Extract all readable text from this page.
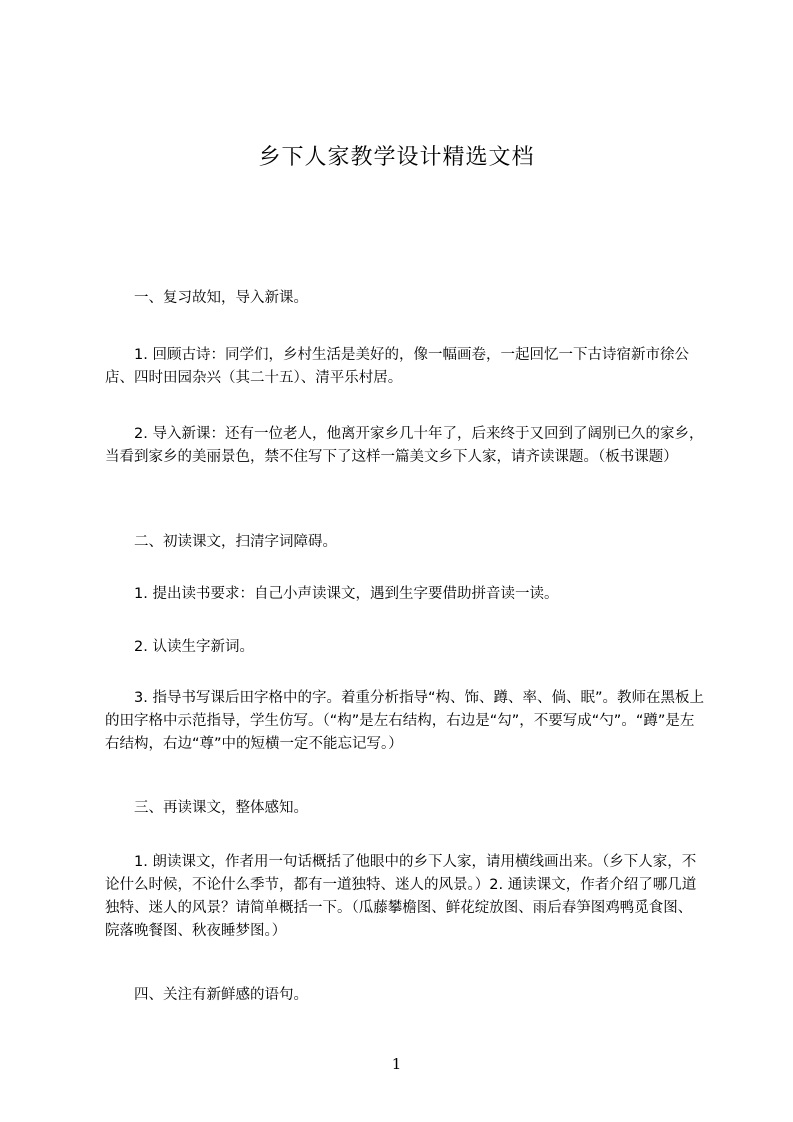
乡下人家教学设计精选文档

一、复习故知，导入新课。

1. 回顾古诗：同学们，乡村生活是美好的，像一幅画卷，一起回忆一下古诗宿新市徐公店、四时田园杂兴（其二十五）、清平乐村居。

2. 导入新课：还有一位老人，他离开家乡几十年了，后来终于又回到了阔别已久的家乡，当看到家乡的美丽景色，禁不住写下了这样一篇美文乡下人家，请齐读课题。（板书课题）

二、初读课文，扫清字词障碍。

1. 提出读书要求：自己小声读课文，遇到生字要借助拼音读一读。

2. 认读生字新词。

3. 指导书写课后田字格中的字。着重分析指导“构、饰、蹲、率、倘、眠”。教师在黑板上的田字格中示范指导，学生仿写。（“构”是左右结构，右边是“勾”，不要写成“勺”。“蹲”是左右结构，右边“尊”中的短横一定不能忘记写。）

三、再读课文，整体感知。

1. 朗读课文，作者用一句话概括了他眼中的乡下人家，请用横线画出来。（乡下人家，不论什么时候，不论什么季节，都有一道独特、迷人的风景。）2. 通读课文，作者介绍了哪几道独特、迷人的风景？请简单概括一下。（瓜藤攀檐图、鲜花绽放图、雨后春笋图鸡鸭觅食图、院落晚餐图、秋夜睡梦图。）

四、关注有新鲜感的语句。

1
